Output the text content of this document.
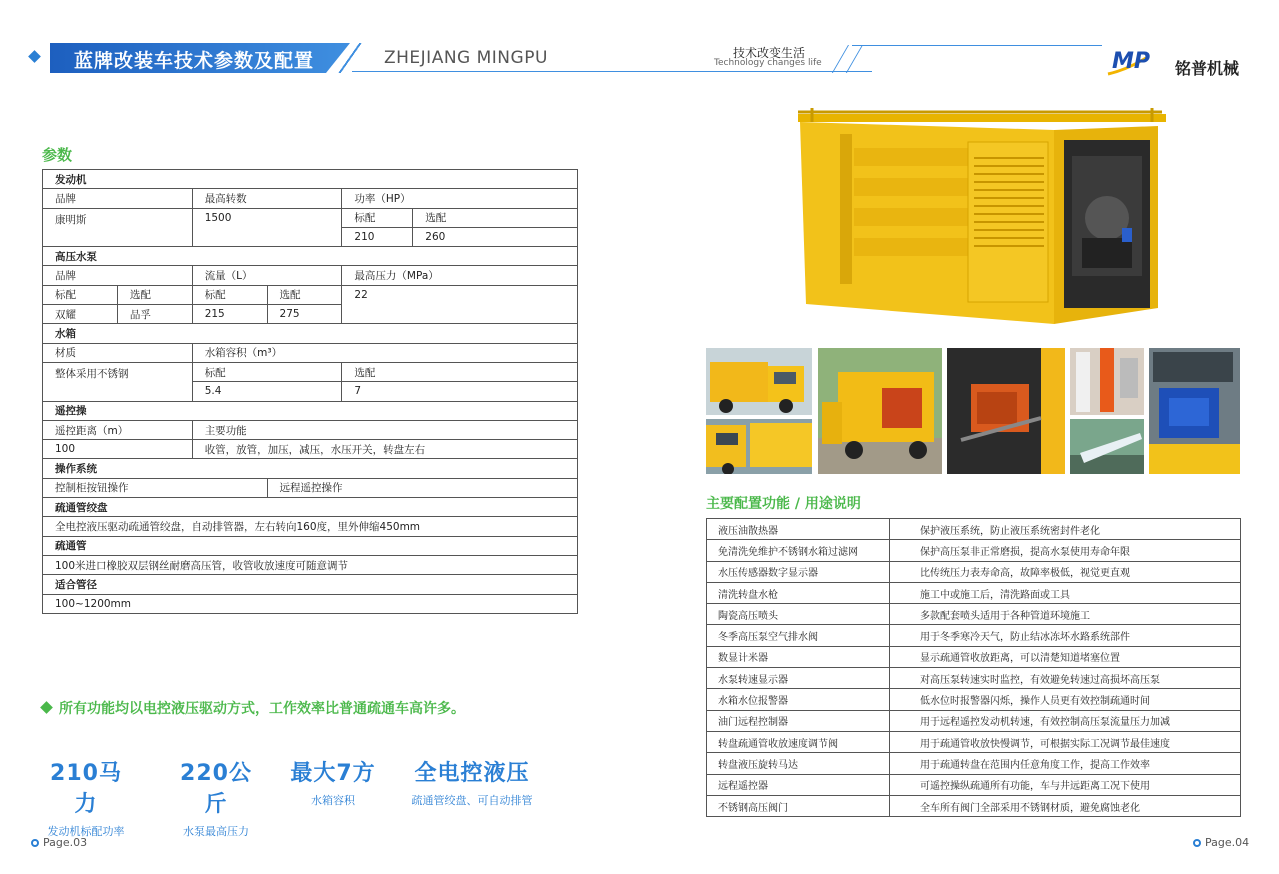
蓝牌改装车技术参数及配置	ZHEJIANG MINGPU	技术改变生活
Technology changes life	MP 铭普机械
参数
发动机					
品牌		最高转数		功率（HP）	
康明斯		1500		标配	选配
				210	260
高压水泵					
品牌		流量（L）		最高压力（MPa）	
标配	选配	标配	选配	22	
双耀	品孚	215	275		
水箱					
材质		水箱容积（m³）			
整体采用不锈钢		标配		选配	
		5.4		7	
遥控操					
遥控距离（m）		主要功能			
100		收管，放管，加压，减压，水压开关，转盘左右			
操作系统					
控制柜按钮操作			远程遥控操作		
疏通管绞盘					
全电控液压驱动疏通管绞盘，自动排管器，左右转向160度，里外伸缩450mm					
疏通管					
100米进口橡胶双层钢丝耐磨高压管，收管收放速度可随意调节					
适合管径					
100~1200mm					
所有功能均以电控液压驱动方式，工作效率比普通疏通车高许多。
210马力
发动机标配功率
220公斤
水泵最高压力
最大7方
水箱容积
全电控液压
疏通管绞盘、可自动排管
Page.03	Page.04
主要配置功能 / 用途说明
液压油散热器	保护液压系统，防止液压系统密封件老化
免清洗免维护不锈钢水箱过滤网	保护高压泵非正常磨损，提高水泵使用寿命年限
水压传感器数字显示器	比传统压力表寿命高，故障率极低，视觉更直观
清洗转盘水枪	施工中或施工后，清洗路面或工具
陶瓷高压喷头	多款配套喷头适用于各种管道环境施工
冬季高压泵空气排水阀	用于冬季寒冷天气，防止结冰冻坏水路系统部件
数显计米器	显示疏通管收放距离，可以清楚知道堵塞位置
水泵转速显示器	对高压泵转速实时监控，有效避免转速过高损坏高压泵
水箱水位报警器	低水位时报警器闪烁，操作人员更有效控制疏通时间
油门远程控制器	用于远程遥控发动机转速，有效控制高压泵流量压力加减
转盘疏通管收放速度调节阀	用于疏通管收放快慢调节，可根据实际工况调节最佳速度
转盘液压旋转马达	用于疏通转盘在范围内任意角度工作，提高工作效率
远程遥控器	可遥控操纵疏通所有功能，车与井远距离工况下使用
不锈钢高压阀门	全车所有阀门全部采用不锈钢材质，避免腐蚀老化
